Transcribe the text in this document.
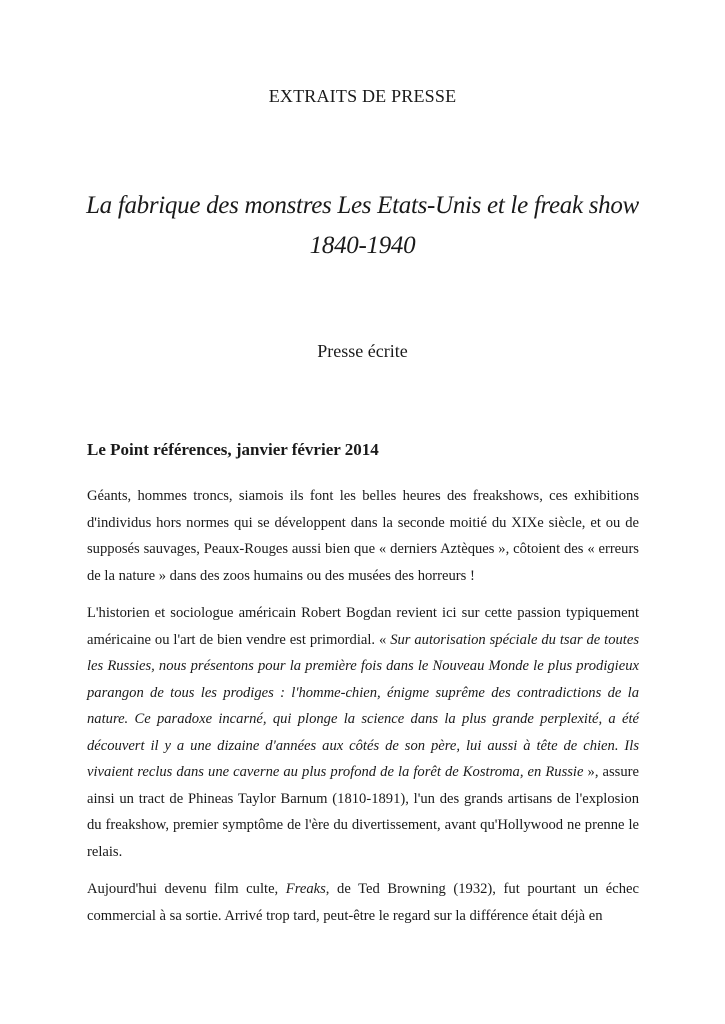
EXTRAITS DE PRESSE
La fabrique des monstres Les Etats-Unis et le freak show
1840-1940
Presse écrite
Le Point références, janvier février 2014

Géants, hommes troncs, siamois ils font les belles heures des freakshows, ces exhibitions d'individus hors normes qui se développent dans la seconde moitié du XIXe siècle, et ou de supposés sauvages, Peaux-Rouges aussi bien que « derniers Aztèques », côtoient des « erreurs de la nature » dans des zoos humains ou des musées des horreurs !

L'historien et sociologue américain Robert Bogdan revient ici sur cette passion typiquement américaine ou l'art de bien vendre est primordial. « Sur autorisation spéciale du tsar de toutes les Russies, nous présentons pour la première fois dans le Nouveau Monde le plus prodigieux parangon de tous les prodiges : l'homme-chien, énigme suprême des contradictions de la nature. Ce paradoxe incarné, qui plonge la science dans la plus grande perplexité, a été découvert il y a une dizaine d'années aux côtés de son père, lui aussi à tête de chien. Ils vivaient reclus dans une caverne au plus profond de la forêt de Kostroma, en Russie », assure ainsi un tract de Phineas Taylor Barnum (1810-1891), l'un des grands artisans de l'explosion du freakshow, premier symptôme de l'ère du divertissement, avant qu'Hollywood ne prenne le relais.

Aujourd'hui devenu film culte, Freaks, de Ted Browning (1932), fut pourtant un échec commercial à sa sortie. Arrivé trop tard, peut-être le regard sur la différence était déjà en
